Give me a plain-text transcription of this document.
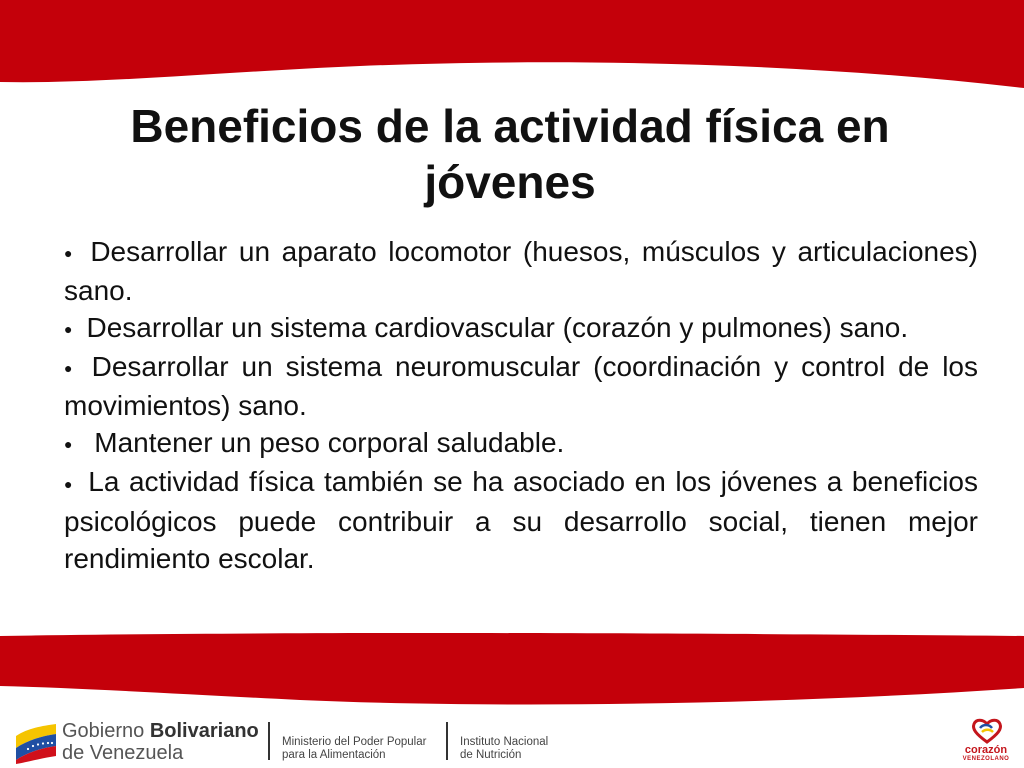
Beneficios de la actividad física en jóvenes
● Desarrollar un aparato locomotor (huesos, músculos y articulaciones) sano.
● Desarrollar un sistema cardiovascular (corazón y pulmones) sano.
● Desarrollar un sistema neuromuscular (coordinación y control de los movimientos) sano.
● Mantener un peso corporal saludable.
● La actividad física también se ha asociado en los jóvenes a beneficios psicológicos puede contribuir a su desarrollo social, tienen mejor rendimiento escolar.
Gobierno Bolivariano
de Venezuela	Ministerio del Poder Popular
para la Alimentación
Instituto Nacional
de Nutrición	corazón
VENEZOLANO
